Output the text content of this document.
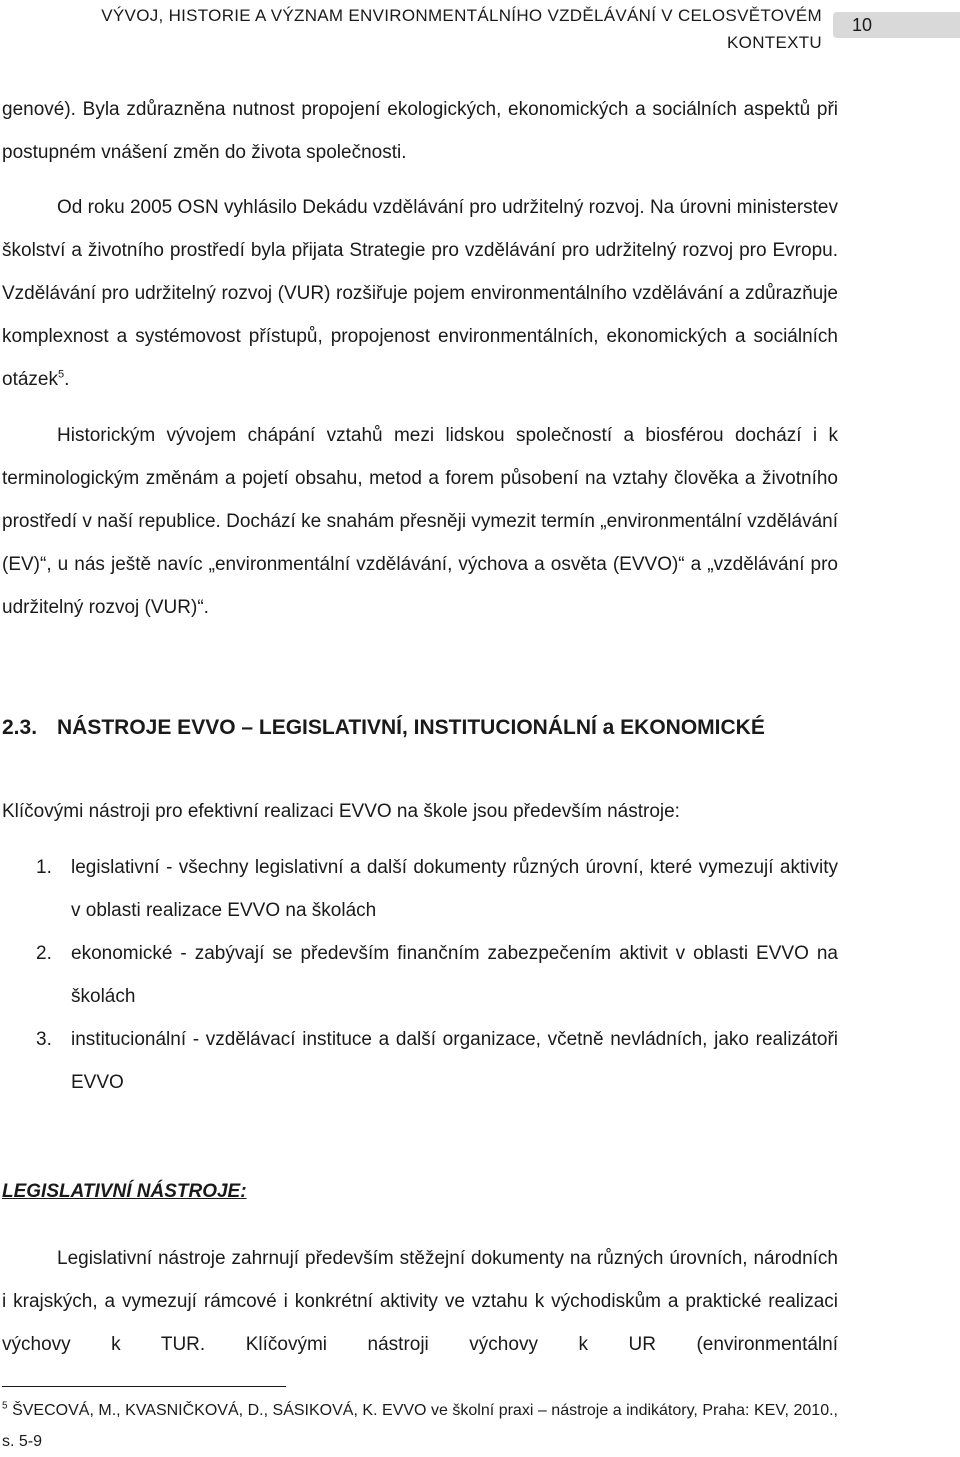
VÝVOJ, HISTORIE A VÝZNAM ENVIRONMENTÁLNÍHO VZDĚLÁVÁNÍ V CELOSVĚTOVÉM KONTEXTU
10

genové). Byla zdůrazněna nutnost propojení ekologických, ekonomických a sociálních aspektů při postupném vnášení změn do života společnosti.

Od roku 2005 OSN vyhlásilo Dekádu vzdělávání pro udržitelný rozvoj. Na úrovni ministerstev školství a životního prostředí byla přijata Strategie pro vzdělávání pro udržitelný rozvoj pro Evropu. Vzdělávání pro udržitelný rozvoj (VUR) rozšiřuje pojem environmentálního vzdělávání a zdůrazňuje komplexnost a systémovost přístupů, propojenost environmentálních, ekonomických a sociálních otázek$^5$.

Historickým vývojem chápání vztahů mezi lidskou společností a biosférou dochází i k terminologickým změnám a pojetí obsahu, metod a forem působení na vztahy člověka a životního prostředí v naší republice. Dochází ke snahám přesněji vymezit termín „environmentální vzdělávání (EV)“, u nás ještě navíc „environmentální vzdělávání, výchova a osvěta (EVVO)“ a „vzdělávání pro udržitelný rozvoj (VUR)“.

2.3. NÁSTROJE EVVO – LEGISLATIVNÍ, INSTITUCIONÁLNÍ a EKONOMICKÉ
Klíčovými nástroji pro efektivní realizaci EVVO na škole jsou především nástroje:
1. legislativní - všechny legislativní a další dokumenty různých úrovní, které vymezují aktivity v oblasti realizace EVVO na školách
2. ekonomické - zabývají se především finančním zabezpečením aktivit v oblasti EVVO na školách
3. institucionální - vzdělávací instituce a další organizace, včetně nevládních, jako realizátoři EVVO
LEGISLATIVNÍ NÁSTROJE:

Legislativní nástroje zahrnují především stěžejní dokumenty na různých úrovních, národních i krajských, a vymezují rámcové i konkrétní aktivity ve vztahu k východiskům a praktické realizaci výchovy k TUR. Klíčovými nástroji výchovy k UR (environmentální

$^5$ ŠVECOVÁ, M., KVASNIČKOVÁ, D., SÁSIKOVÁ, K. EVVO ve školní praxi – nástroje a indikátory, Praha: KEV, 2010., s. 5-9
